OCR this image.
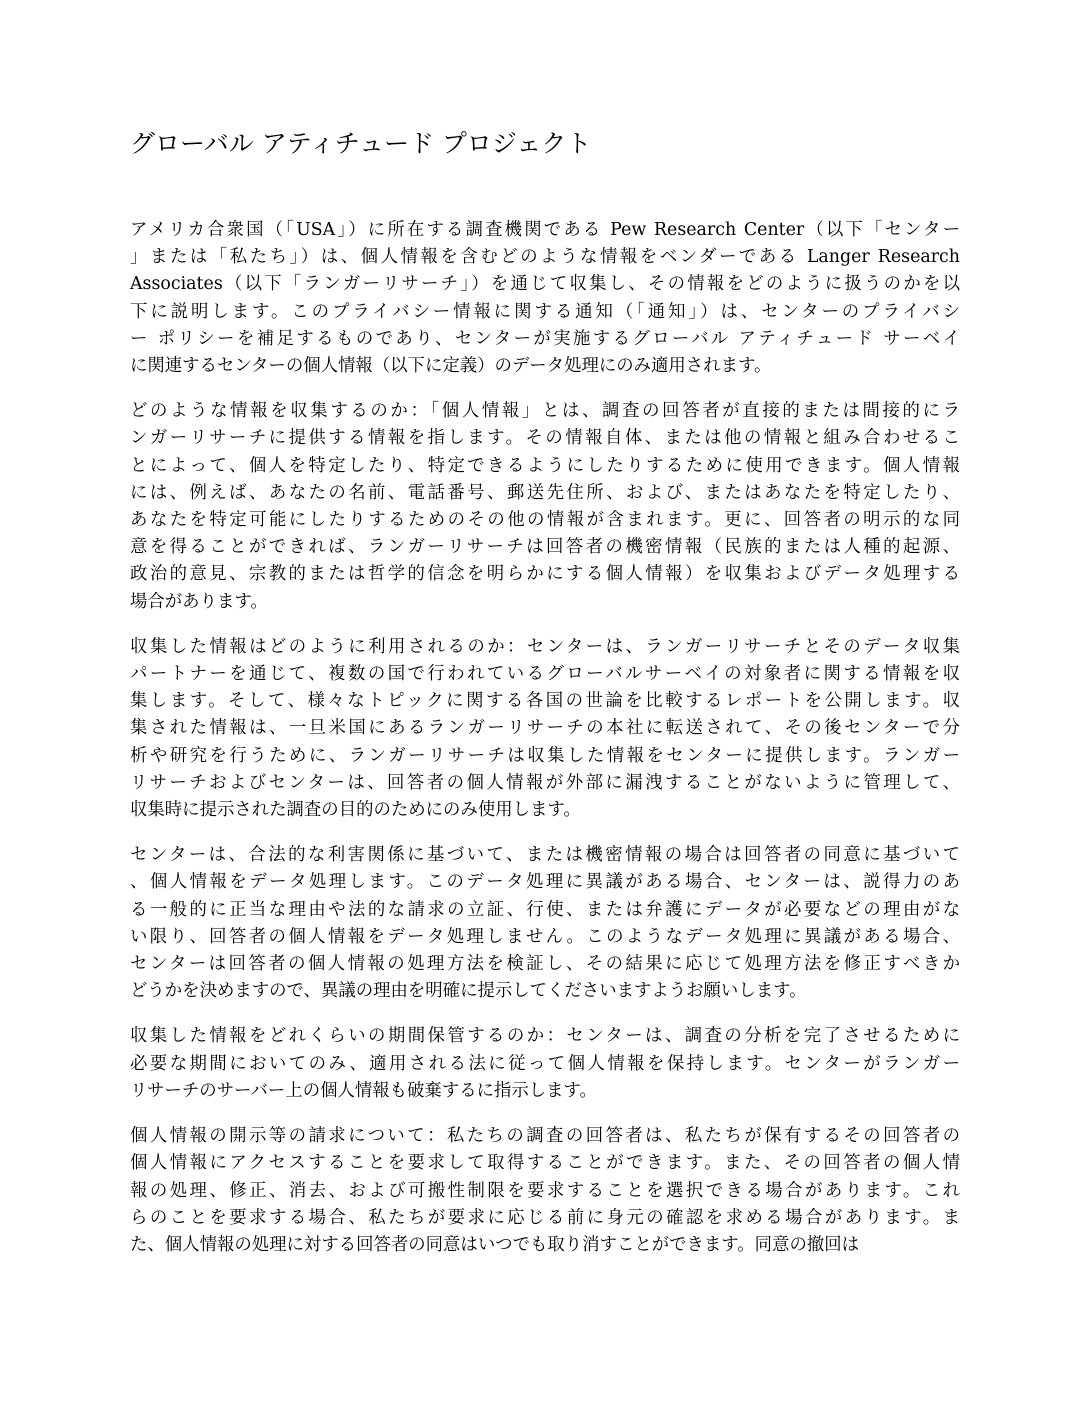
グローバル アティチュード プロジェクト

アメリカ合衆国（「USA」）に所在する調査機関である Pew Research Center（以下「センター
」または「私たち」）は、個人情報を含むどのような情報をベンダーである Langer Research
Associates（以下「ランガーリサーチ」）を通じて収集し、その情報をどのように扱うのかを以
下に説明します。このプライバシー情報に関する通知（「通知」）は、センターのプライバシ
ー ポリシーを補足するものであり、センターが実施するグローバル アティチュード サーベイ
に関連するセンターの個人情報（以下に定義）のデータ処理にのみ適用されます。

どのような情報を収集するのか：「個人情報」とは、調査の回答者が直接的または間接的にラ
ンガーリサーチに提供する情報を指します。その情報自体、または他の情報と組み合わせるこ
とによって、個人を特定したり、特定できるようにしたりするために使用できます。個人情報
には、例えば、あなたの名前、電話番号、郵送先住所、および、またはあなたを特定したり、
あなたを特定可能にしたりするためのその他の情報が含まれます。更に、回答者の明示的な同
意を得ることができれば、ランガーリサーチは回答者の機密情報（民族的または人種的起源、
政治的意見、宗教的または哲学的信念を明らかにする個人情報）を収集およびデータ処理する
場合があります。

収集した情報はどのように利用されるのか：センターは、ランガーリサーチとそのデータ収集
パートナーを通じて、複数の国で行われているグローバルサーベイの対象者に関する情報を収
集します。そして、様々なトピックに関する各国の世論を比較するレポートを公開します。収
集された情報は、一旦米国にあるランガーリサーチの本社に転送されて、その後センターで分
析や研究を行うために、ランガーリサーチは収集した情報をセンターに提供します。ランガー
リサーチおよびセンターは、回答者の個人情報が外部に漏洩することがないように管理して、
収集時に提示された調査の目的のためにのみ使用します。

センターは、合法的な利害関係に基づいて、または機密情報の場合は回答者の同意に基づいて
、個人情報をデータ処理します。このデータ処理に異議がある場合、センターは、説得力のあ
る一般的に正当な理由や法的な請求の立証、行使、または弁護にデータが必要などの理由がな
い限り、回答者の個人情報をデータ処理しません。このようなデータ処理に異議がある場合、
センターは回答者の個人情報の処理方法を検証し、その結果に応じて処理方法を修正すべきか
どうかを決めますので、異議の理由を明確に提示してくださいますようお願いします。

収集した情報をどれくらいの期間保管するのか：センターは、調査の分析を完了させるために
必要な期間においてのみ、適用される法に従って個人情報を保持します。センターがランガー
リサーチのサーバー上の個人情報も破棄するに指示します。

個人情報の開示等の請求について：私たちの調査の回答者は、私たちが保有するその回答者の
個人情報にアクセスすることを要求して取得することができます。また、その回答者の個人情
報の処理、修正、消去、および可搬性制限を要求することを選択できる場合があります。これ
らのことを要求する場合、私たちが要求に応じる前に身元の確認を求める場合があります。ま
た、個人情報の処理に対する回答者の同意はいつでも取り消すことができます。同意の撤回は
